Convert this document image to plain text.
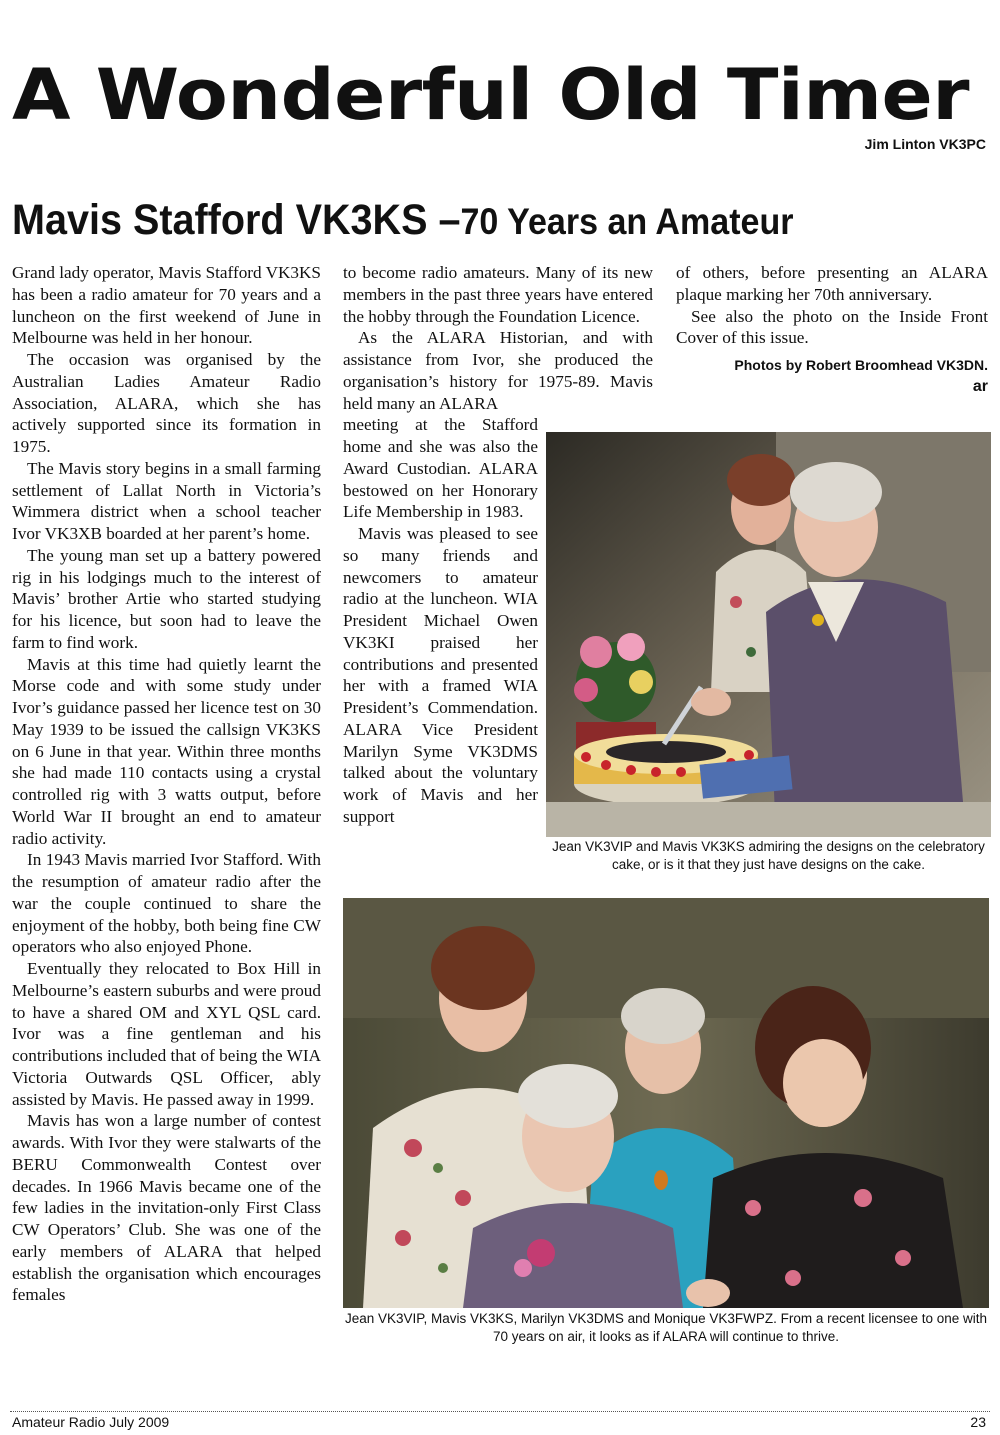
A Wonderful Old Timer
Jim Linton VK3PC
Mavis Stafford VK3KS –70 Years an Amateur

Grand lady operator, Mavis Stafford VK3KS has been a radio amateur for 70 years and a luncheon on the first weekend of June in Melbourne was held in her honour.

The occasion was organised by the Australian Ladies Amateur Radio Association, ALARA, which she has actively supported since its formation in 1975.

The Mavis story begins in a small farming settlement of Lallat North in Victoria’s Wimmera district when a school teacher Ivor VK3XB boarded at her parent’s home.

The young man set up a battery powered rig in his lodgings much to the interest of Mavis’ brother Artie who started studying for his licence, but soon had to leave the farm to find work.

Mavis at this time had quietly learnt the Morse code and with some study under Ivor’s guidance passed her licence test on 30 May 1939 to be issued the callsign VK3KS on 6 June in that year. Within three months she had made 110 contacts using a crystal controlled rig with 3 watts output, before World War II brought an end to amateur radio activity.

In 1943 Mavis married Ivor Stafford. With the resumption of amateur radio after the war the couple continued to share the enjoyment of the hobby, both being fine CW operators who also enjoyed Phone.

Eventually they relocated to Box Hill in Melbourne’s eastern suburbs and were proud to have a shared OM and XYL QSL card. Ivor was a fine gentleman and his contributions included that of being the WIA Victoria Outwards QSL Officer, ably assisted by Mavis. He passed away in 1999.

Mavis has won a large number of contest awards. With Ivor they were stalwarts of the BERU Commonwealth Contest over decades. In 1966 Mavis became one of the few ladies in the invitation-only First Class CW Operators’ Club. She was one of the early members of ALARA that helped establish the organisation which encourages females

to become radio amateurs. Many of its new members in the past three years have entered the hobby through the Foundation Licence.

As the ALARA Historian, and with assistance from Ivor, she produced the organisation’s history for 1975-89. Mavis held many an ALARA

meeting at the Stafford home and she was also the Award Custodian. ALARA bestowed on her Honorary Life Membership in 1983.

Mavis was pleased to see so many friends and newcomers to amateur radio at the luncheon. WIA President Michael Owen VK3KI praised her contributions and presented her with a framed WIA President’s Commendation. ALARA Vice President Marilyn Syme VK3DMS talked about the voluntary work of Mavis and her support

of others, before presenting an ALARA plaque marking her 70th anniversary.

See also the photo on the Inside Front Cover of this issue.

Photos by Robert Broomhead VK3DN.

ar

Jean VK3VIP and Mavis VK3KS admiring the designs on the celebratory cake, or is it that they just have designs on the cake.
Jean VK3VIP, Mavis VK3KS, Marilyn VK3DMS and Monique VK3FWPZ. From a recent licensee to one with 70 years on air, it looks as if ALARA will continue to thrive.
Amateur Radio July 2009	23
